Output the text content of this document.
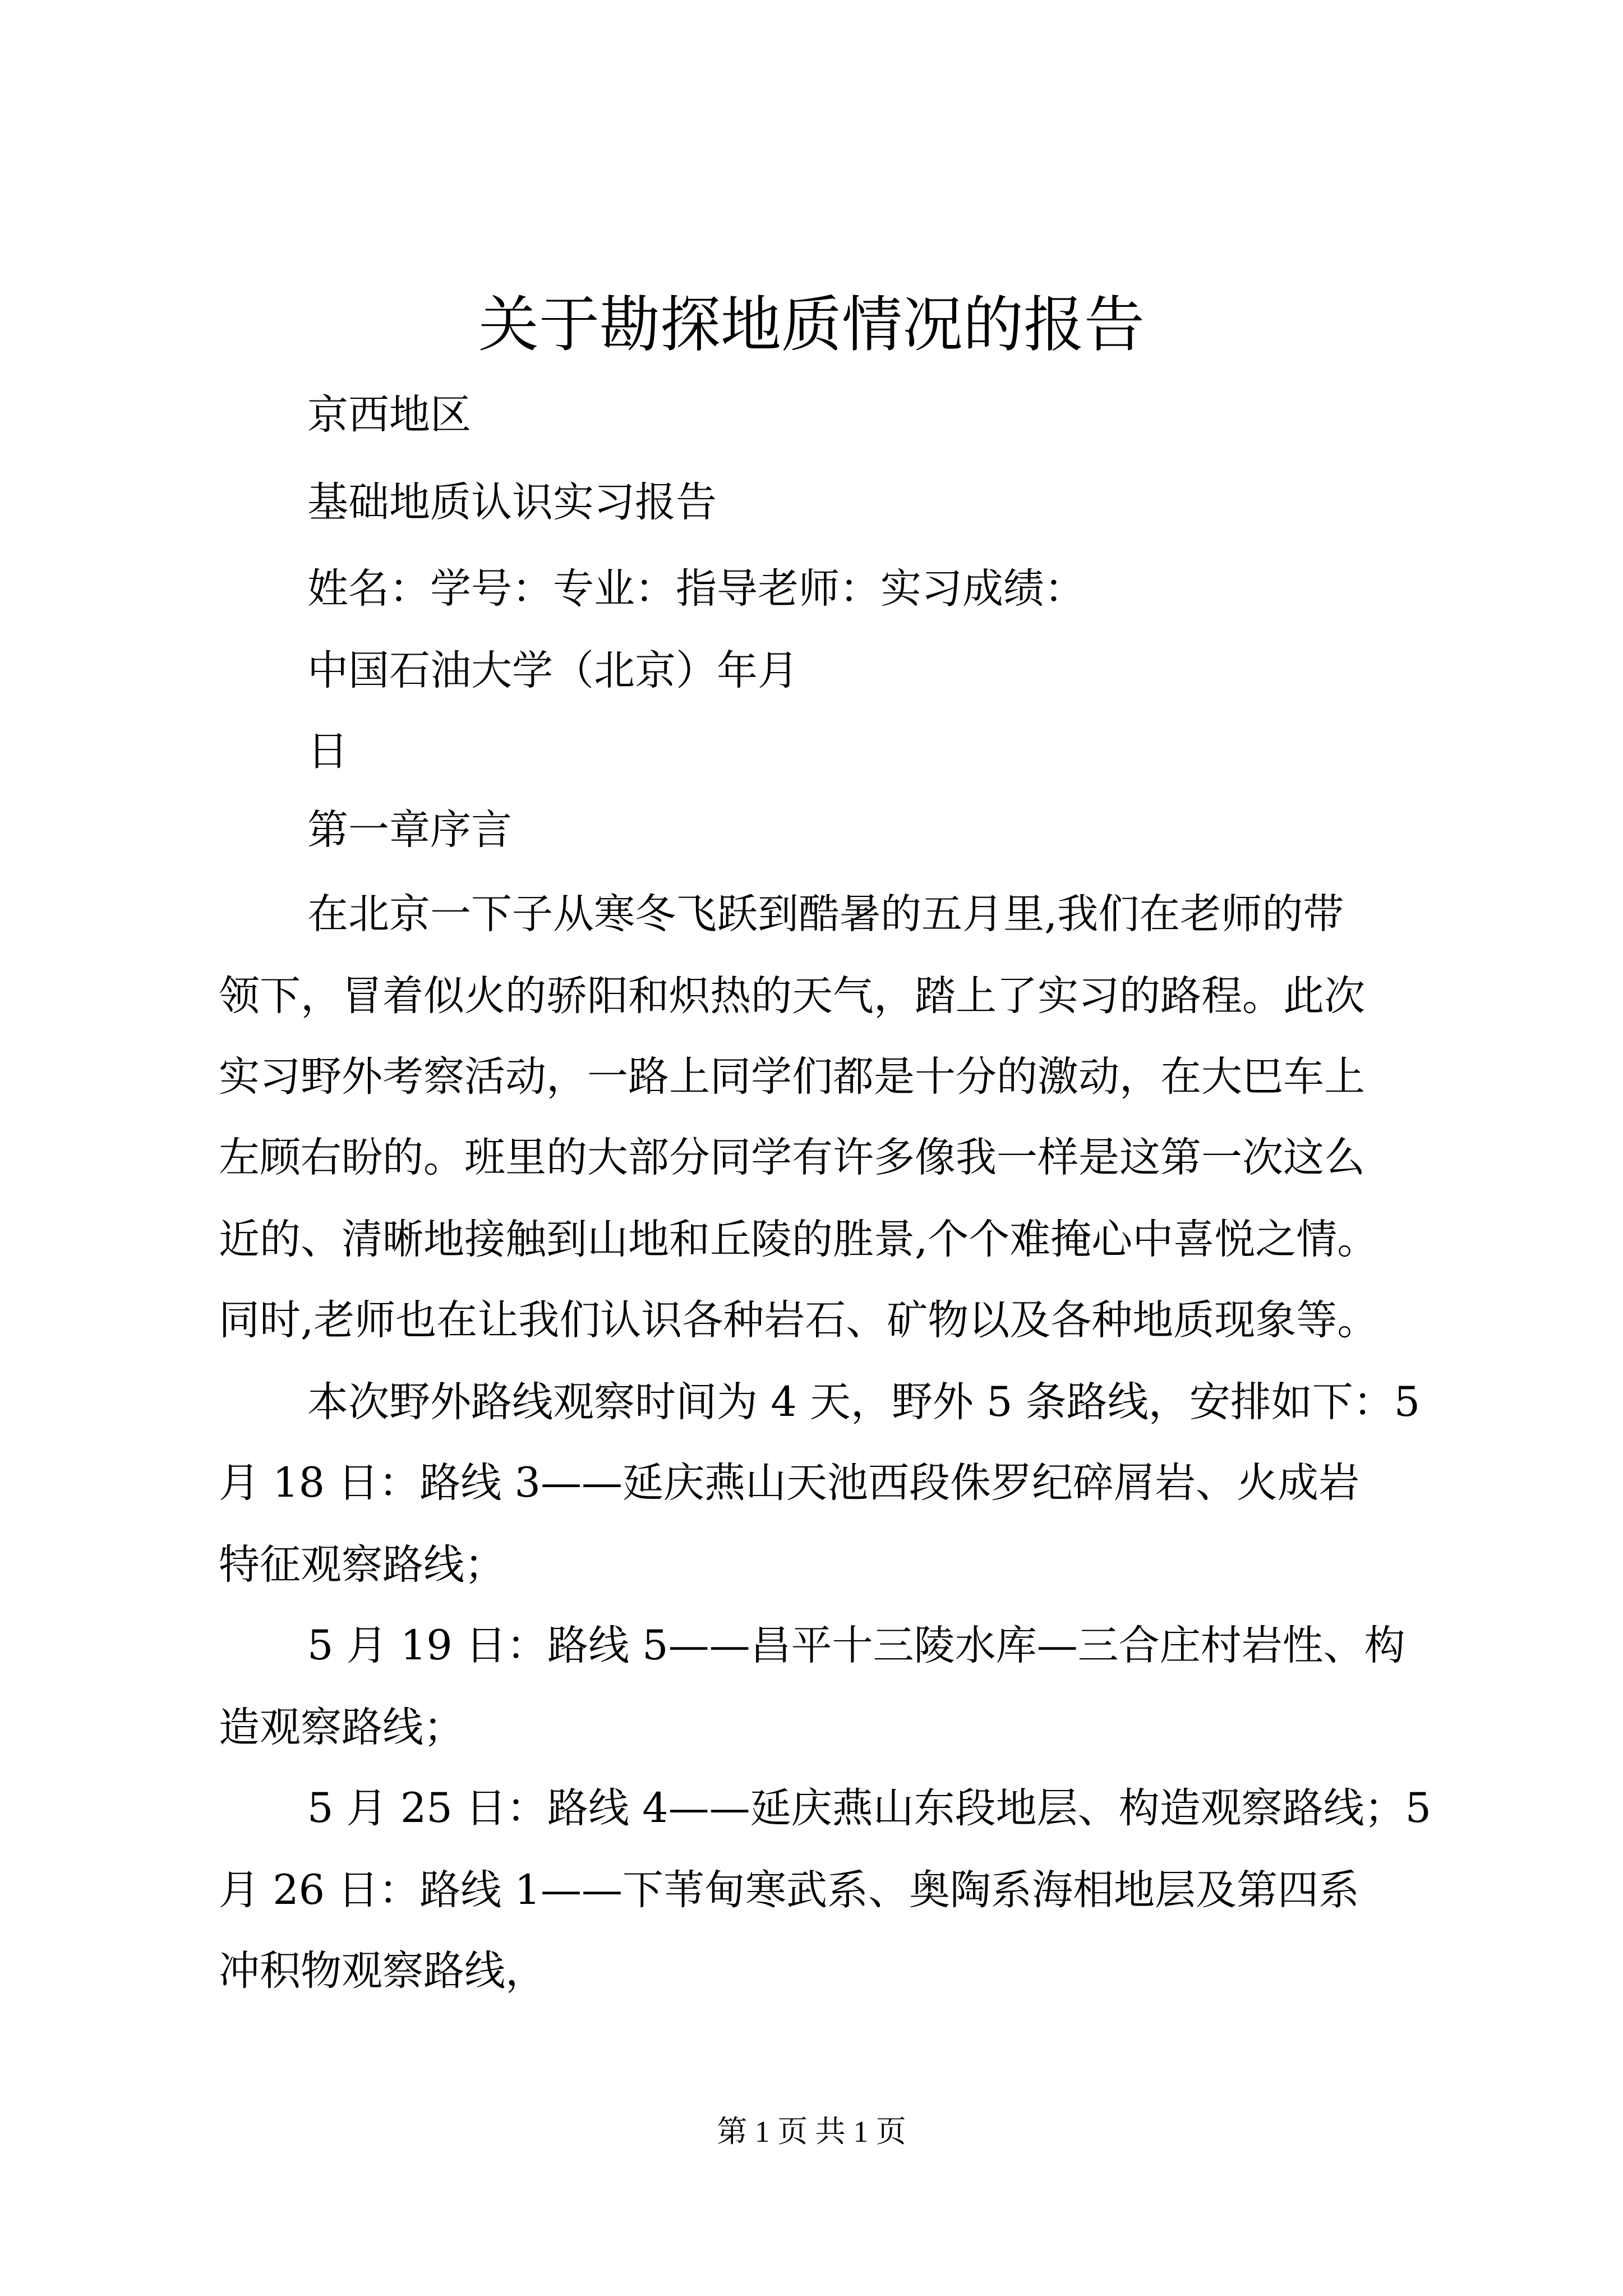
关于勘探地质情况的报告
京西地区
基础地质认识实习报告
姓名：学号：专业：指导老师：实习成绩：
中国石油大学（北京）年月
日
第一章序言
在北京一下子从寒冬飞跃到酷暑的五月里,我们在老师的带
领下，冒着似火的骄阳和炽热的天气，踏上了实习的路程。此次
实习野外考察活动，一路上同学们都是十分的激动，在大巴车上
左顾右盼的。班里的大部分同学有许多像我一样是这第一次这么
近的、清晰地接触到山地和丘陵的胜景,个个难掩心中喜悦之情。
同时,老师也在让我们认识各种岩石、矿物以及各种地质现象等。
本次野外路线观察时间为 4 天，野外 5 条路线，安排如下：5
月 18 日：路线 3——延庆燕山天池西段侏罗纪碎屑岩、火成岩
特征观察路线；
5 月 19 日：路线 5——昌平十三陵水库—三合庄村岩性、构
造观察路线；
5 月 25 日：路线 4——延庆燕山东段地层、构造观察路线；5
月 26 日：路线 1——下苇甸寒武系、奥陶系海相地层及第四系
冲积物观察路线，
第 1 页 共 1 页
